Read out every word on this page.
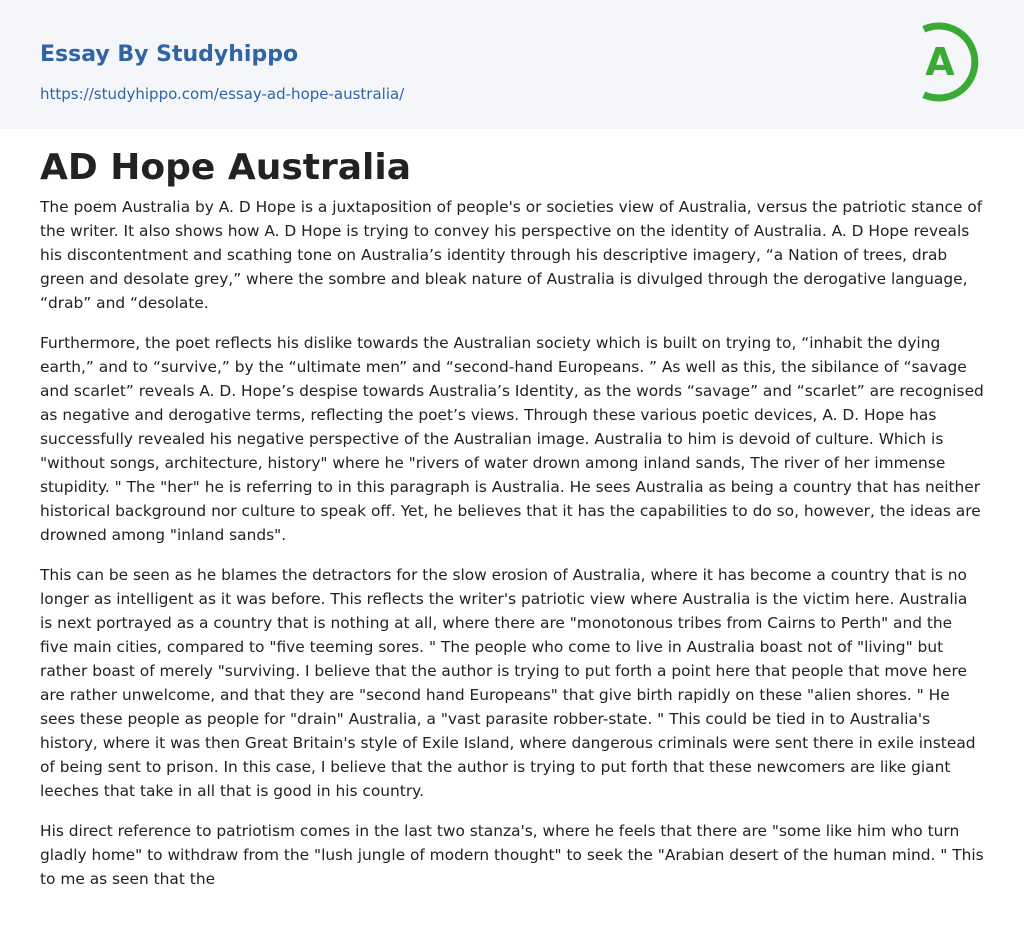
Essay By Studyhippo
https://studyhippo.com/essay-ad-hope-australia/
A
AD Hope Australia

The poem Australia by A. D Hope is a juxtaposition of people's or societies view of Australia, versus the patriotic stance of the writer. It also shows how A. D Hope is trying to convey his perspective on the identity of Australia. A. D Hope reveals his discontentment and scathing tone on Australia’s identity through his descriptive imagery, “a Nation of trees, drab green and desolate grey,” where the sombre and bleak nature of Australia is divulged through the derogative language, “drab” and “desolate.

Furthermore, the poet reflects his dislike towards the Australian society which is built on trying to, “inhabit the dying earth,” and to “survive,” by the “ultimate men” and “second-hand Europeans. ” As well as this, the sibilance of “savage and scarlet” reveals A. D. Hope’s despise towards Australia’s Identity, as the words “savage” and “scarlet” are recognised as negative and derogative terms, reflecting the poet’s views. Through these various poetic devices, A. D. Hope has successfully revealed his negative perspective of the Australian image. Australia to him is devoid of culture. Which is "without songs, architecture, history" where he "rivers of water drown among inland sands, The river of her immense stupidity. " The "her" he is referring to in this paragraph is Australia. He sees Australia as being a country that has neither historical background nor culture to speak off. Yet, he believes that it has the capabilities to do so, however, the ideas are drowned among "inland sands".

This can be seen as he blames the detractors for the slow erosion of Australia, where it has become a country that is no longer as intelligent as it was before. This reflects the writer's patriotic view where Australia is the victim here. Australia is next portrayed as a country that is nothing at all, where there are "monotonous tribes from Cairns to Perth" and the five main cities, compared to "five teeming sores. " The people who come to live in Australia boast not of "living" but rather boast of merely "surviving. I believe that the author is trying to put forth a point here that people that move here are rather unwelcome, and that they are "second hand Europeans" that give birth rapidly on these "alien shores. " He sees these people as people for "drain" Australia, a "vast parasite robber-state. " This could be tied in to Australia's history, where it was then Great Britain's style of Exile Island, where dangerous criminals were sent there in exile instead of being sent to prison. In this case, I believe that the author is trying to put forth that these newcomers are like giant leeches that take in all that is good in his country.

His direct reference to patriotism comes in the last two stanza's, where he feels that there are "some like him who turn gladly home" to withdraw from the "lush jungle of modern thought" to seek the "Arabian desert of the human mind. " This to me as seen that the
